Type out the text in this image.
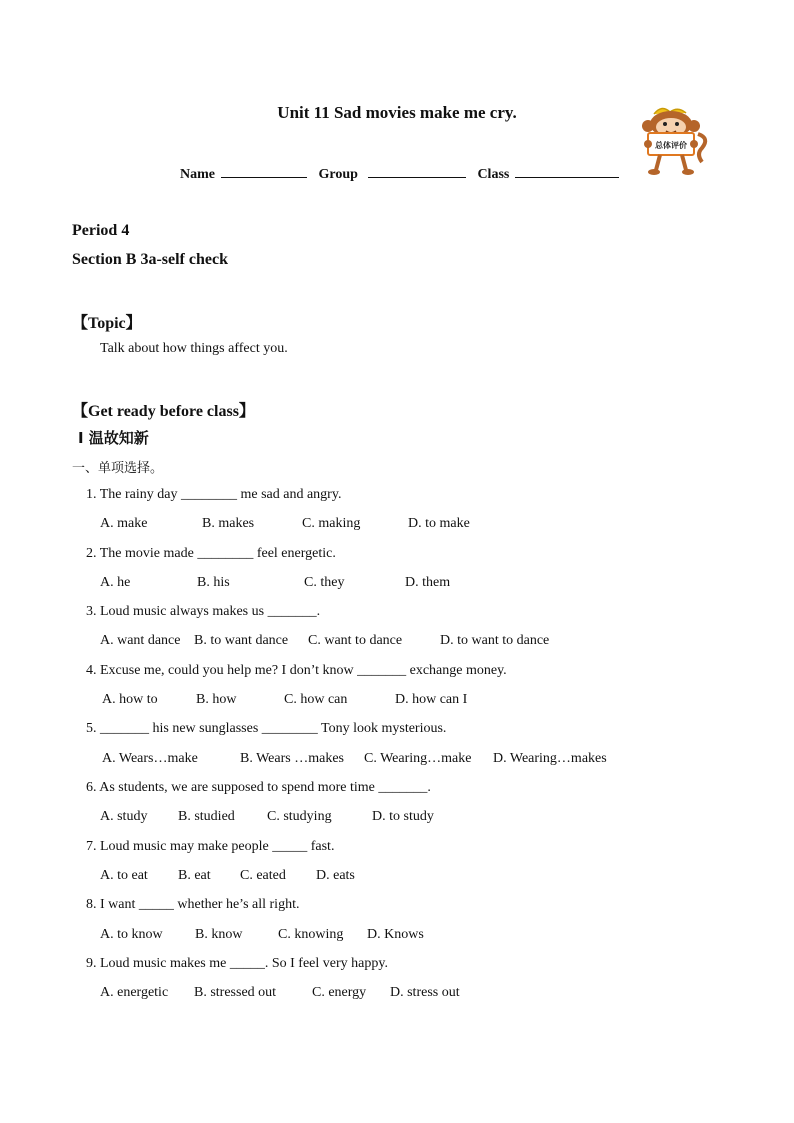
Unit 11 Sad movies make me cry.
Name	Group	Class
总体评价
Period 4
Section B 3a-self check
【Topic】
Talk about how things affect you.
【Get ready before class】
I 温故知新
一、单项选择。
1. The rainy day ________ me sad and angry.
A. make	B. makes	C. making	D. to make
2. The movie made ________ feel energetic.
A. he	B. his	C. they	D. them
3. Loud music always makes us _______.
A. want dance B. to want dance C. want to dance	D. to want to dance
4. Excuse me, could you help me? I don’t know _______ exchange money.
A. how to	B. how	C. how can	D. how can I
5. _______ his new sunglasses ________ Tony look mysterious.
A. Wears…make	B. Wears …makes C. Wearing…make D. Wearing…makes
6. As students, we are supposed to spend more time _______.
A. study B. studied C. studying	D. to study
7. Loud music may make people _____ fast.
A. to eat B. eat C. eated D. eats
8. I want _____ whether he’s all right.
A. to know B. know	C. knowing D. Knows
9. Loud music makes me _____. So I feel very happy.
A. energetic B. stressed out	C. energy D. stress out
